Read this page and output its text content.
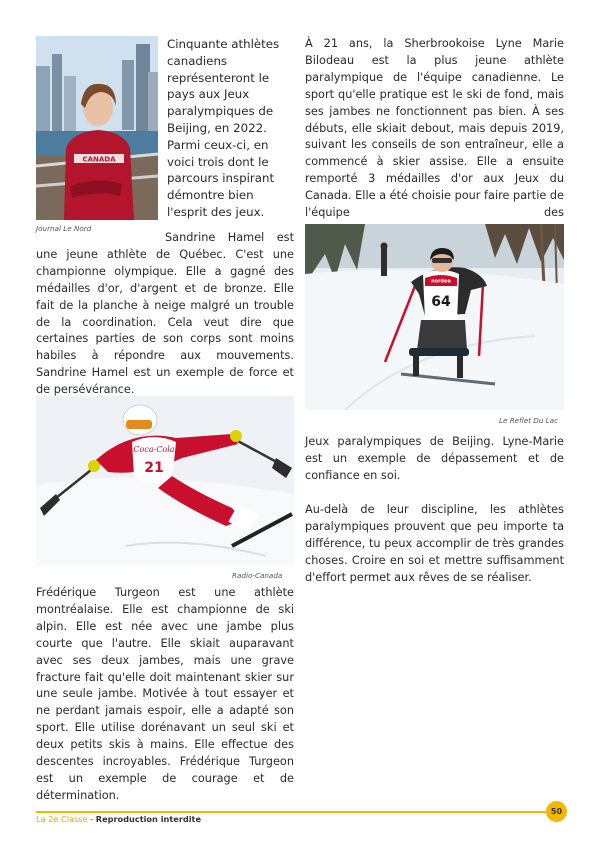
CANADA
Journal Le Nord
Cinquante athlètes canadiens représenteront le pays aux Jeux paralympiques de Beijing, en 2022. Parmi ceux-ci, en voici trois dont le parcours inspirant démontre bien l'esprit des jeux.
Sandrine Hamel est une jeune athlète de Québec. C'est une championne olympique. Elle a gagné des médailles d'or, d'argent et de bronze. Elle fait de la planche à neige malgré un trouble de la coordination. Cela veut dire que certaines parties de son corps sont moins habiles à répondre aux mouvements. Sandrine Hamel est un exemple de force et de persévérance.
Coca-Cola
21
Radio-Canada
Frédérique Turgeon est une athlète montréalaise. Elle est championne de ski alpin. Elle est née avec une jambe plus courte que l'autre. Elle skiait auparavant avec ses deux jambes, mais une grave fracture fait qu'elle doit maintenant skier sur une seule jambe. Motivée à tout essayer et ne perdant jamais espoir, elle a adapté son sport. Elle utilise dorénavant un seul ski et deux petits skis à mains. Elle effectue des descentes incroyables. Frédérique Turgeon est un exemple de courage et de détermination.
À 21 ans, la Sherbrookoise Lyne Marie Bilodeau est la plus jeune athlète paralympique de l'équipe canadienne. Le sport qu'elle pratique est le ski de fond, mais ses jambes ne fonctionnent pas bien. À ses débuts, elle skiait debout, mais depuis 2019, suivant les conseils de son entraîneur, elle a commencé à skier assise. Elle a ensuite remporté 3 médailles d'or aux Jeux du Canada. Elle a été choisie pour faire partie de l'équipe des
nordea
64
Le Reflet Du Lac
Jeux paralympiques de Beijing. Lyne-Marie est un exemple de dépassement et de confiance en soi.
Au-delà de leur discipline, les athlètes paralympiques prouvent que peu importe ta différence, tu peux accomplir de très grandes choses. Croire en soi et mettre suffisamment d'effort permet aux rêves de se réaliser.
La 2e Classe - Reproduction interdite
50
